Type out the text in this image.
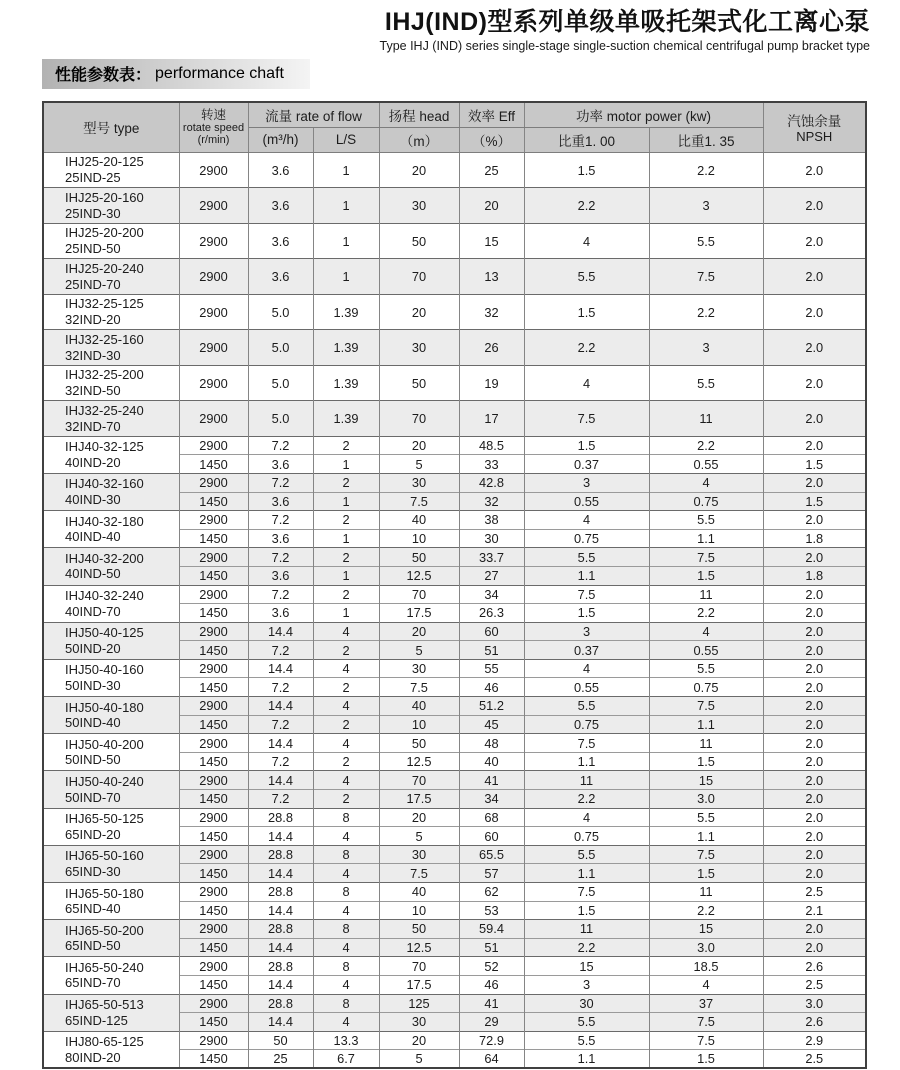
IHJ(IND)型系列单级单吸托架式化工离心泵
Type IHJ (IND) series single-stage single-suction chemical centrifugal pump bracket type
性能参数表： performance chaft
型号 type	转速
rotate speed
(r/min)	流量 rate of flow		扬程 head	效率 Eff	功率 motor power (kw)		汽蚀余量
NPSH

		(m³/h)	L/S	（m）	（%）	比重1. 00	比重1. 35	

IHJ25-20-125
25IND-25	2900	3.6	1	20	25	1.5	2.2	2.0

IHJ25-20-160
25IND-30	2900	3.6	1	30	20	2.2	3	2.0

IHJ25-20-200
25IND-50	2900	3.6	1	50	15	4	5.5	2.0

IHJ25-20-240
25IND-70	2900	3.6	1	70	13	5.5	7.5	2.0

IHJ32-25-125
32IND-20	2900	5.0	1.39	20	32	1.5	2.2	2.0

IHJ32-25-160
32IND-30	2900	5.0	1.39	30	26	2.2	3	2.0

IHJ32-25-200
32IND-50	2900	5.0	1.39	50	19	4	5.5	2.0

IHJ32-25-240
32IND-70	2900	5.0	1.39	70	17	7.5	11	2.0

IHJ40-32-125
40IND-20	2900	7.2	2	20	48.5	1.5	2.2	2.0
	1450	3.6	1	5	33	0.37	0.55	1.5

IHJ40-32-160
40IND-30	2900	7.2	2	30	42.8	3	4	2.0
	1450	3.6	1	7.5	32	0.55	0.75	1.5

IHJ40-32-180
40IND-40	2900	7.2	2	40	38	4	5.5	2.0
	1450	3.6	1	10	30	0.75	1.1	1.8

IHJ40-32-200
40IND-50	2900	7.2	2	50	33.7	5.5	7.5	2.0
	1450	3.6	1	12.5	27	1.1	1.5	1.8

IHJ40-32-240
40IND-70	2900	7.2	2	70	34	7.5	11	2.0
	1450	3.6	1	17.5	26.3	1.5	2.2	2.0

IHJ50-40-125
50IND-20	2900	14.4	4	20	60	3	4	2.0
	1450	7.2	2	5	51	0.37	0.55	2.0

IHJ50-40-160
50IND-30	2900	14.4	4	30	55	4	5.5	2.0
	1450	7.2	2	7.5	46	0.55	0.75	2.0

IHJ50-40-180
50IND-40	2900	14.4	4	40	51.2	5.5	7.5	2.0
	1450	7.2	2	10	45	0.75	1.1	2.0

IHJ50-40-200
50IND-50	2900	14.4	4	50	48	7.5	11	2.0
	1450	7.2	2	12.5	40	1.1	1.5	2.0

IHJ50-40-240
50IND-70	2900	14.4	4	70	41	11	15	2.0
	1450	7.2	2	17.5	34	2.2	3.0	2.0

IHJ65-50-125
65IND-20	2900	28.8	8	20	68	4	5.5	2.0
	1450	14.4	4	5	60	0.75	1.1	2.0

IHJ65-50-160
65IND-30	2900	28.8	8	30	65.5	5.5	7.5	2.0
	1450	14.4	4	7.5	57	1.1	1.5	2.0

IHJ65-50-180
65IND-40	2900	28.8	8	40	62	7.5	11	2.5
	1450	14.4	4	10	53	1.5	2.2	2.1

IHJ65-50-200
65IND-50	2900	28.8	8	50	59.4	11	15	2.0
	1450	14.4	4	12.5	51	2.2	3.0	2.0

IHJ65-50-240
65IND-70	2900	28.8	8	70	52	15	18.5	2.6
	1450	14.4	4	17.5	46	3	4	2.5

IHJ65-50-513
65IND-125	2900	28.8	8	125	41	30	37	3.0
	1450	14.4	4	30	29	5.5	7.5	2.6

IHJ80-65-125
80IND-20	2900	50	13.3	20	72.9	5.5	7.5	2.9
	1450	25	6.7	5	64	1.1	1.5	2.5
